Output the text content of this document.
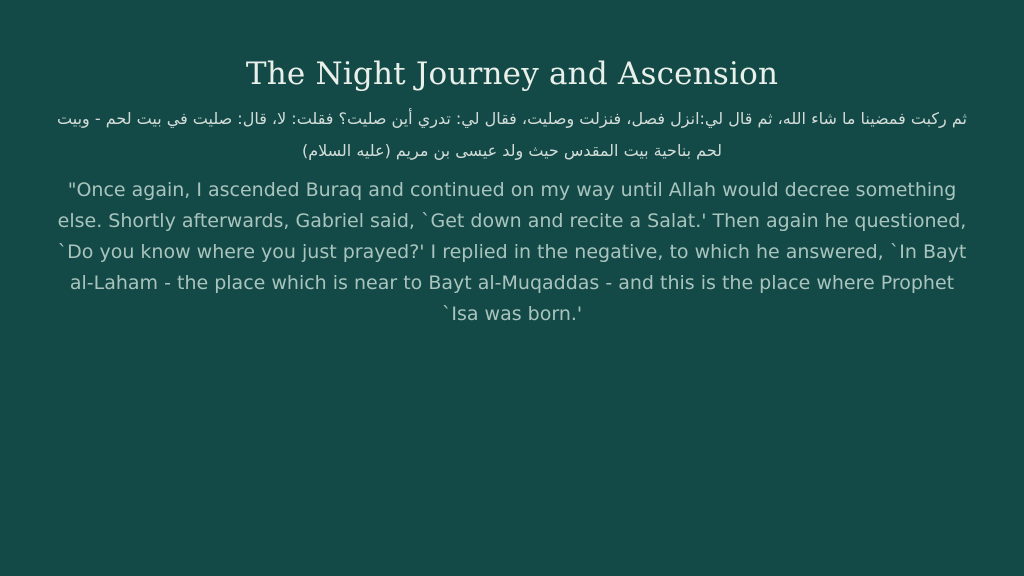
The Night Journey and Ascension
ثم ركبت فمضينا ما شاء الله، ثم قال لي:انزل فصل، فنزلت وصليت، فقال لي: تدري أين صليت؟ فقلت: لا، قال: صليت في بيت لحم - وبيت لحم بناحية بيت المقدس حيث ولد عيسى بن مريم (عليه السلام)
"Once again, I ascended Buraq and continued on my way until Allah would decree something else. Shortly afterwards, Gabriel said, `Get down and recite a Salat.' Then again he questioned, `Do you know where you just prayed?' I replied in the negative, to which he answered, `In Bayt al-Laham - the place which is near to Bayt al-Muqaddas - and this is the place where Prophet `Isa was born.'
